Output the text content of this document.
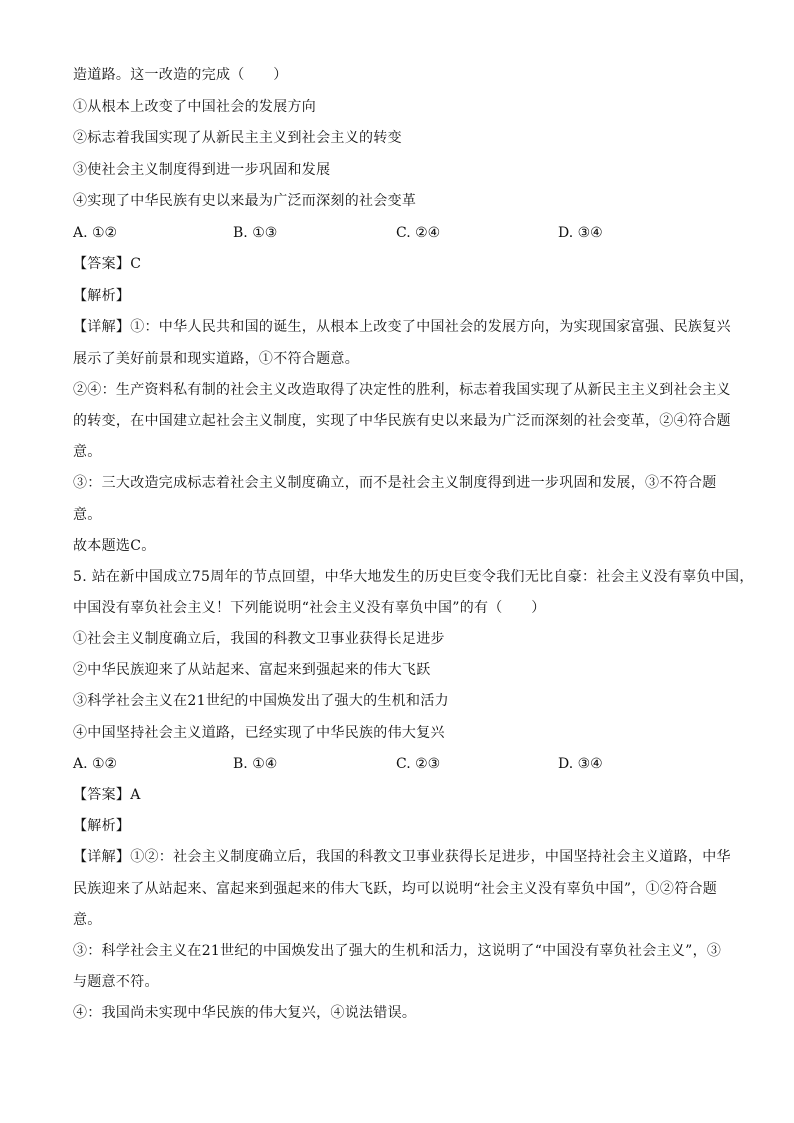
造道路。这一改造的完成（　　）
①从根本上改变了中国社会的发展方向
②标志着我国实现了从新民主主义到社会主义的转变
③使社会主义制度得到进一步巩固和发展
④实现了中华民族有史以来最为广泛而深刻的社会变革
A. ①②	B. ①③	C. ②④	D. ③④
【答案】C
【解析】
【详解】①：中华人民共和国的诞生，从根本上改变了中国社会的发展方向，为实现国家富强、民族复兴
展示了美好前景和现实道路，①不符合题意。
②④：生产资料私有制的社会主义改造取得了决定性的胜利，标志着我国实现了从新民主主义到社会主义
的转变，在中国建立起社会主义制度，实现了中华民族有史以来最为广泛而深刻的社会变革，②④符合题
意。
③：三大改造完成标志着社会主义制度确立，而不是社会主义制度得到进一步巩固和发展，③不符合题
意。
故本题选C。
5. 站在新中国成立75周年的节点回望，中华大地发生的历史巨变令我们无比自豪：社会主义没有辜负中国，
中国没有辜负社会主义！下列能说明“社会主义没有辜负中国”的有（　　）
①社会主义制度确立后，我国的科教文卫事业获得长足进步
②中华民族迎来了从站起来、富起来到强起来的伟大飞跃
③科学社会主义在21世纪的中国焕发出了强大的生机和活力
④中国坚持社会主义道路，已经实现了中华民族的伟大复兴
A. ①②	B. ①④	C. ②③	D. ③④
【答案】A
【解析】
【详解】①②：社会主义制度确立后，我国的科教文卫事业获得长足进步，中国坚持社会主义道路，中华
民族迎来了从站起来、富起来到强起来的伟大飞跃，均可以说明“社会主义没有辜负中国”，①②符合题
意。
③：科学社会主义在21世纪的中国焕发出了强大的生机和活力，这说明了“中国没有辜负社会主义”，③
与题意不符。
④：我国尚未实现中华民族的伟大复兴，④说法错误。
